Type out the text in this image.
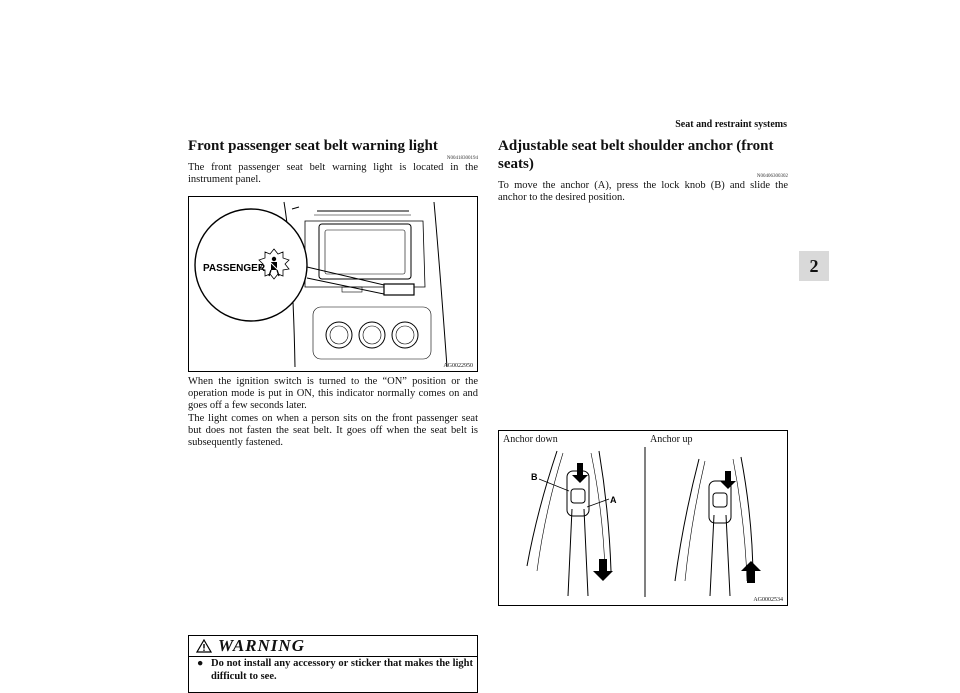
Seat and restraint systems
2
Front passenger seat belt warning light
N00418300194

The front passenger seat belt warning light is located in the instrument panel.

PASSENGER
AG0022950

When the ignition switch is turned to the “ON” position or the operation mode is put in ON, this indicator normally comes on and goes off a few seconds later.

The light comes on when a person sits on the front passenger seat but does not fasten the seat belt. It goes off when the seat belt is subsequently fastened.

WARNING
● Do not install any accessory or sticker that makes the light difficult to see.
Adjustable seat belt shoulder anchor (front seats)
N00406300302

To move the anchor (A), press the lock knob (B) and slide the anchor to the desired position.

Anchor down	Anchor up
B
A
AG0002534
